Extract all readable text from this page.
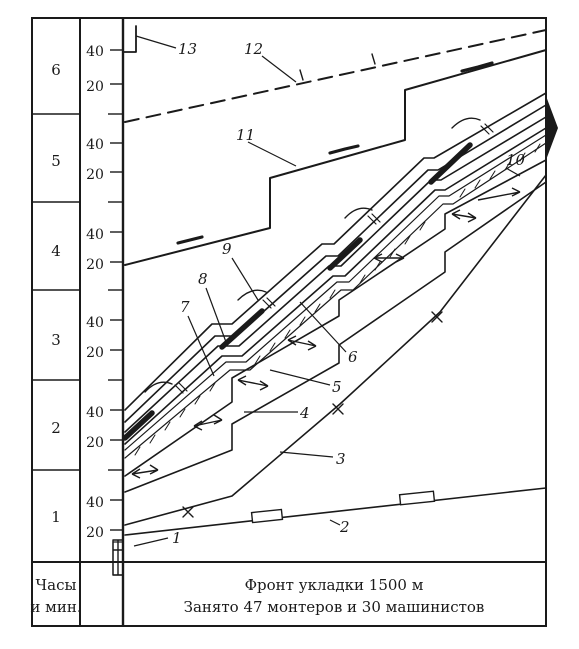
1
2
3
4
5
6
20
40
20
40
20
40
20
40
20
40
20
40
Часы
и мин.
Фронт укладки 1500 м
Занято 47 монтеров и 30 машинистов
1
2
3
4
5
6
7
8
9
10
11
12
13
